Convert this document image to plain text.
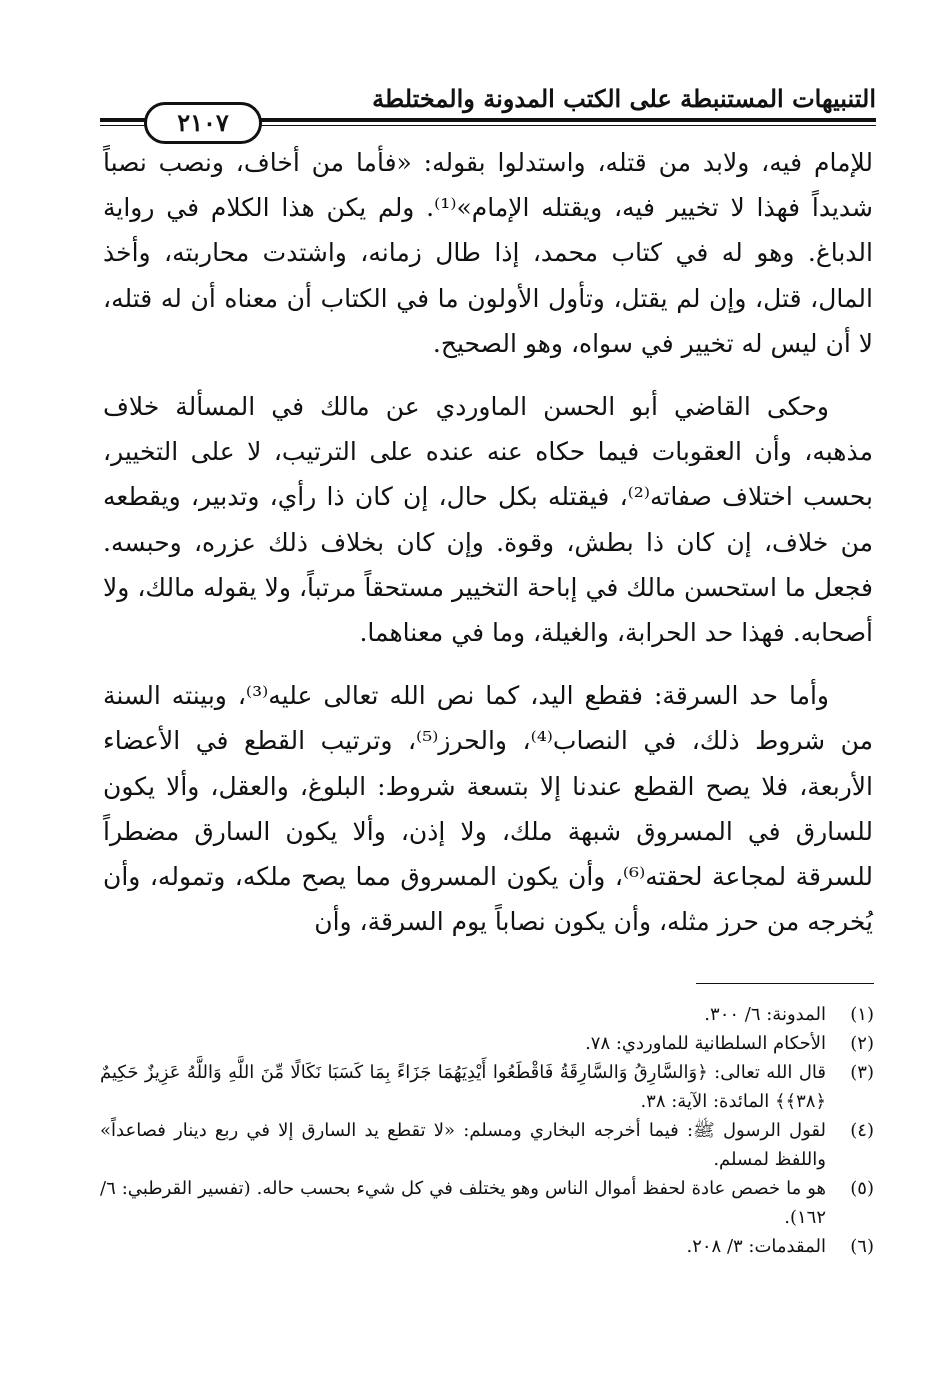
التنبيهات المستنبطة على الكتب المدونة والمختلطة
٢١٠٧

للإمام فيه، ولابد من قتله، واستدلوا بقوله: «فأما من أخاف، ونصب نصباً شديداً فهذا لا تخيير فيه، ويقتله الإمام»⁽¹⁾. ولم يكن هذا الكلام في رواية الدباغ. وهو له في كتاب محمد، إذا طال زمانه، واشتدت محاربته، وأخذ المال، قتل، وإن لم يقتل، وتأول الأولون ما في الكتاب أن معناه أن له قتله، لا أن ليس له تخيير في سواه، وهو الصحيح.

وحكى القاضي أبو الحسن الماوردي عن مالك في المسألة خلاف مذهبه، وأن العقوبات فيما حكاه عنه عنده على الترتيب، لا على التخيير، بحسب اختلاف صفاته⁽²⁾، فيقتله بكل حال، إن كان ذا رأي، وتدبير، ويقطعه من خلاف، إن كان ذا بطش، وقوة. وإن كان بخلاف ذلك عزره، وحبسه. فجعل ما استحسن مالك في إباحة التخيير مستحقاً مرتباً، ولا يقوله مالك، ولا أصحابه. فهذا حد الحرابة، والغيلة، وما في معناهما.

وأما حد السرقة: فقطع اليد، كما نص الله تعالى عليه⁽³⁾، وبينته السنة من شروط ذلك، في النصاب⁽⁴⁾، والحرز⁽⁵⁾، وترتيب القطع في الأعضاء الأربعة، فلا يصح القطع عندنا إلا بتسعة شروط: البلوغ، والعقل، وألا يكون للسارق في المسروق شبهة ملك، ولا إذن، وألا يكون السارق مضطراً للسرقة لمجاعة لحقته⁽⁶⁾، وأن يكون المسروق مما يصح ملكه، وتموله، وأن يُخرجه من حرز مثله، وأن يكون نصاباً يوم السرقة، وأن

(١)
المدونة: ٦/ ٣٠٠.
(٢)
الأحكام السلطانية للماوردي: ٧٨.
(٣)
قال الله تعالى: ﴿وَالسَّارِقُ وَالسَّارِقَةُ فَاقْطَعُوا أَيْدِيَهُمَا جَزَاءً بِمَا كَسَبَا نَكَالًا مِّنَ اللَّهِ وَاللَّهُ عَزِيزٌ حَكِيمٌ ﴿٣٨﴾﴾ المائدة: الآية: ٣٨.
(٤)
لقول الرسول ﷺ: فيما أخرجه البخاري ومسلم: «لا تقطع يد السارق إلا في ربع دينار فصاعداً» واللفظ لمسلم.
(٥)
هو ما خصص عادة لحفظ أموال الناس وهو يختلف في كل شيء بحسب حاله. (تفسير القرطبي: ٦/ ١٦٢).
(٦)
المقدمات: ٣/ ٢٠٨.
